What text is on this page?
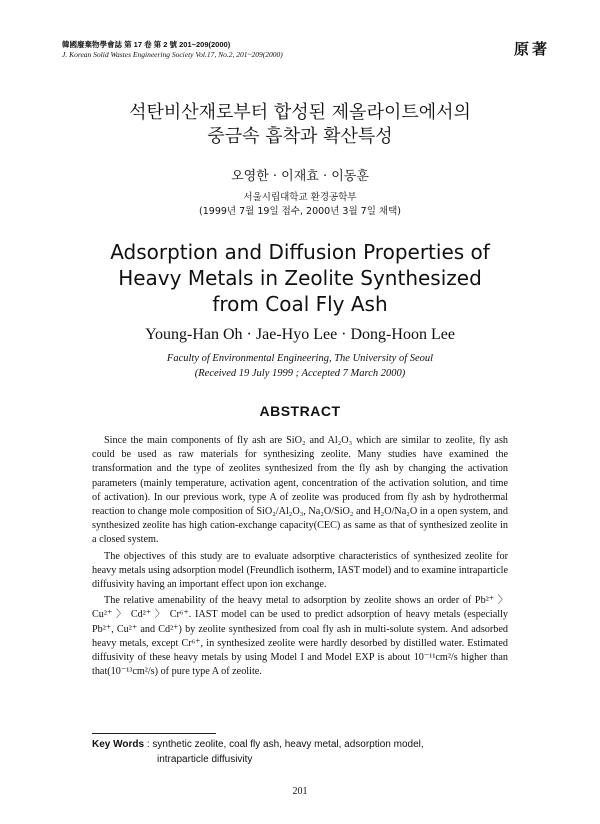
韓國廢棄物學會誌 第 17 卷 第 2 號 201~209(2000)
J. Korean Solid Wastes Engineering Society Vol.17, No.2, 201~209(2000)	原著
석탄비산재로부터 합성된 제올라이트에서의
중금속 흡착과 확산특성
오영한 · 이재효 · 이동훈
서울시립대학교 환경공학부
(1999년 7월 19일 접수, 2000년 3월 7일 채택)
Adsorption and Diffusion Properties of
Heavy Metals in Zeolite Synthesized
from Coal Fly Ash
Young-Han Oh · Jae-Hyo Lee · Dong-Hoon Lee
Faculty of Environmental Engineering, The University of Seoul
(Received 19 July 1999 ; Accepted 7 March 2000)
ABSTRACT

Since the main components of fly ash are SiO₂ and Al₂O₃ which are similar to zeolite, fly ash could be used as raw materials for synthesizing zeolite. Many studies have examined the transformation and the type of zeolites synthesized from the fly ash by changing the activation parameters (mainly temperature, activation agent, concentration of the activation solution, and time of activation). In our previous work, type A of zeolite was produced from fly ash by hydrothermal reaction to change mole composition of SiO₂/Al₂O₃, Na₂O/SiO₂ and H₂O/Na₂O in a open system, and synthesized zeolite has high cation-exchange capacity(CEC) as same as that of synthesized zeolite in a closed system.

The objectives of this study are to evaluate adsorptive characteristics of synthesized zeolite for heavy metals using adsorption model (Freundlich isotherm, IAST model) and to examine intraparticle diffusivity having an important effect upon ion exchange.

The relative amenability of the heavy metal to adsorption by zeolite shows an order of Pb²⁺ 〉 Cu²⁺ 〉 Cd²⁺ 〉 Cr⁶⁺. IAST model can be used to predict adsorption of heavy metals (especially Pb²⁺, Cu²⁺ and Cd²⁺) by zeolite synthesized from coal fly ash in multi-solute system. And adsorbed heavy metals, except Cr⁶⁺, in synthesized zeolite were hardly desorbed by distilled water. Estimated diffusivity of these heavy metals by using Model I and Model EXP is about 10⁻¹¹cm²/s higher than that(10⁻¹³cm²/s) of pure type A of zeolite.

Key Words : synthetic zeolite, coal fly ash, heavy metal, adsorption model,
intraparticle diffusivity
201
